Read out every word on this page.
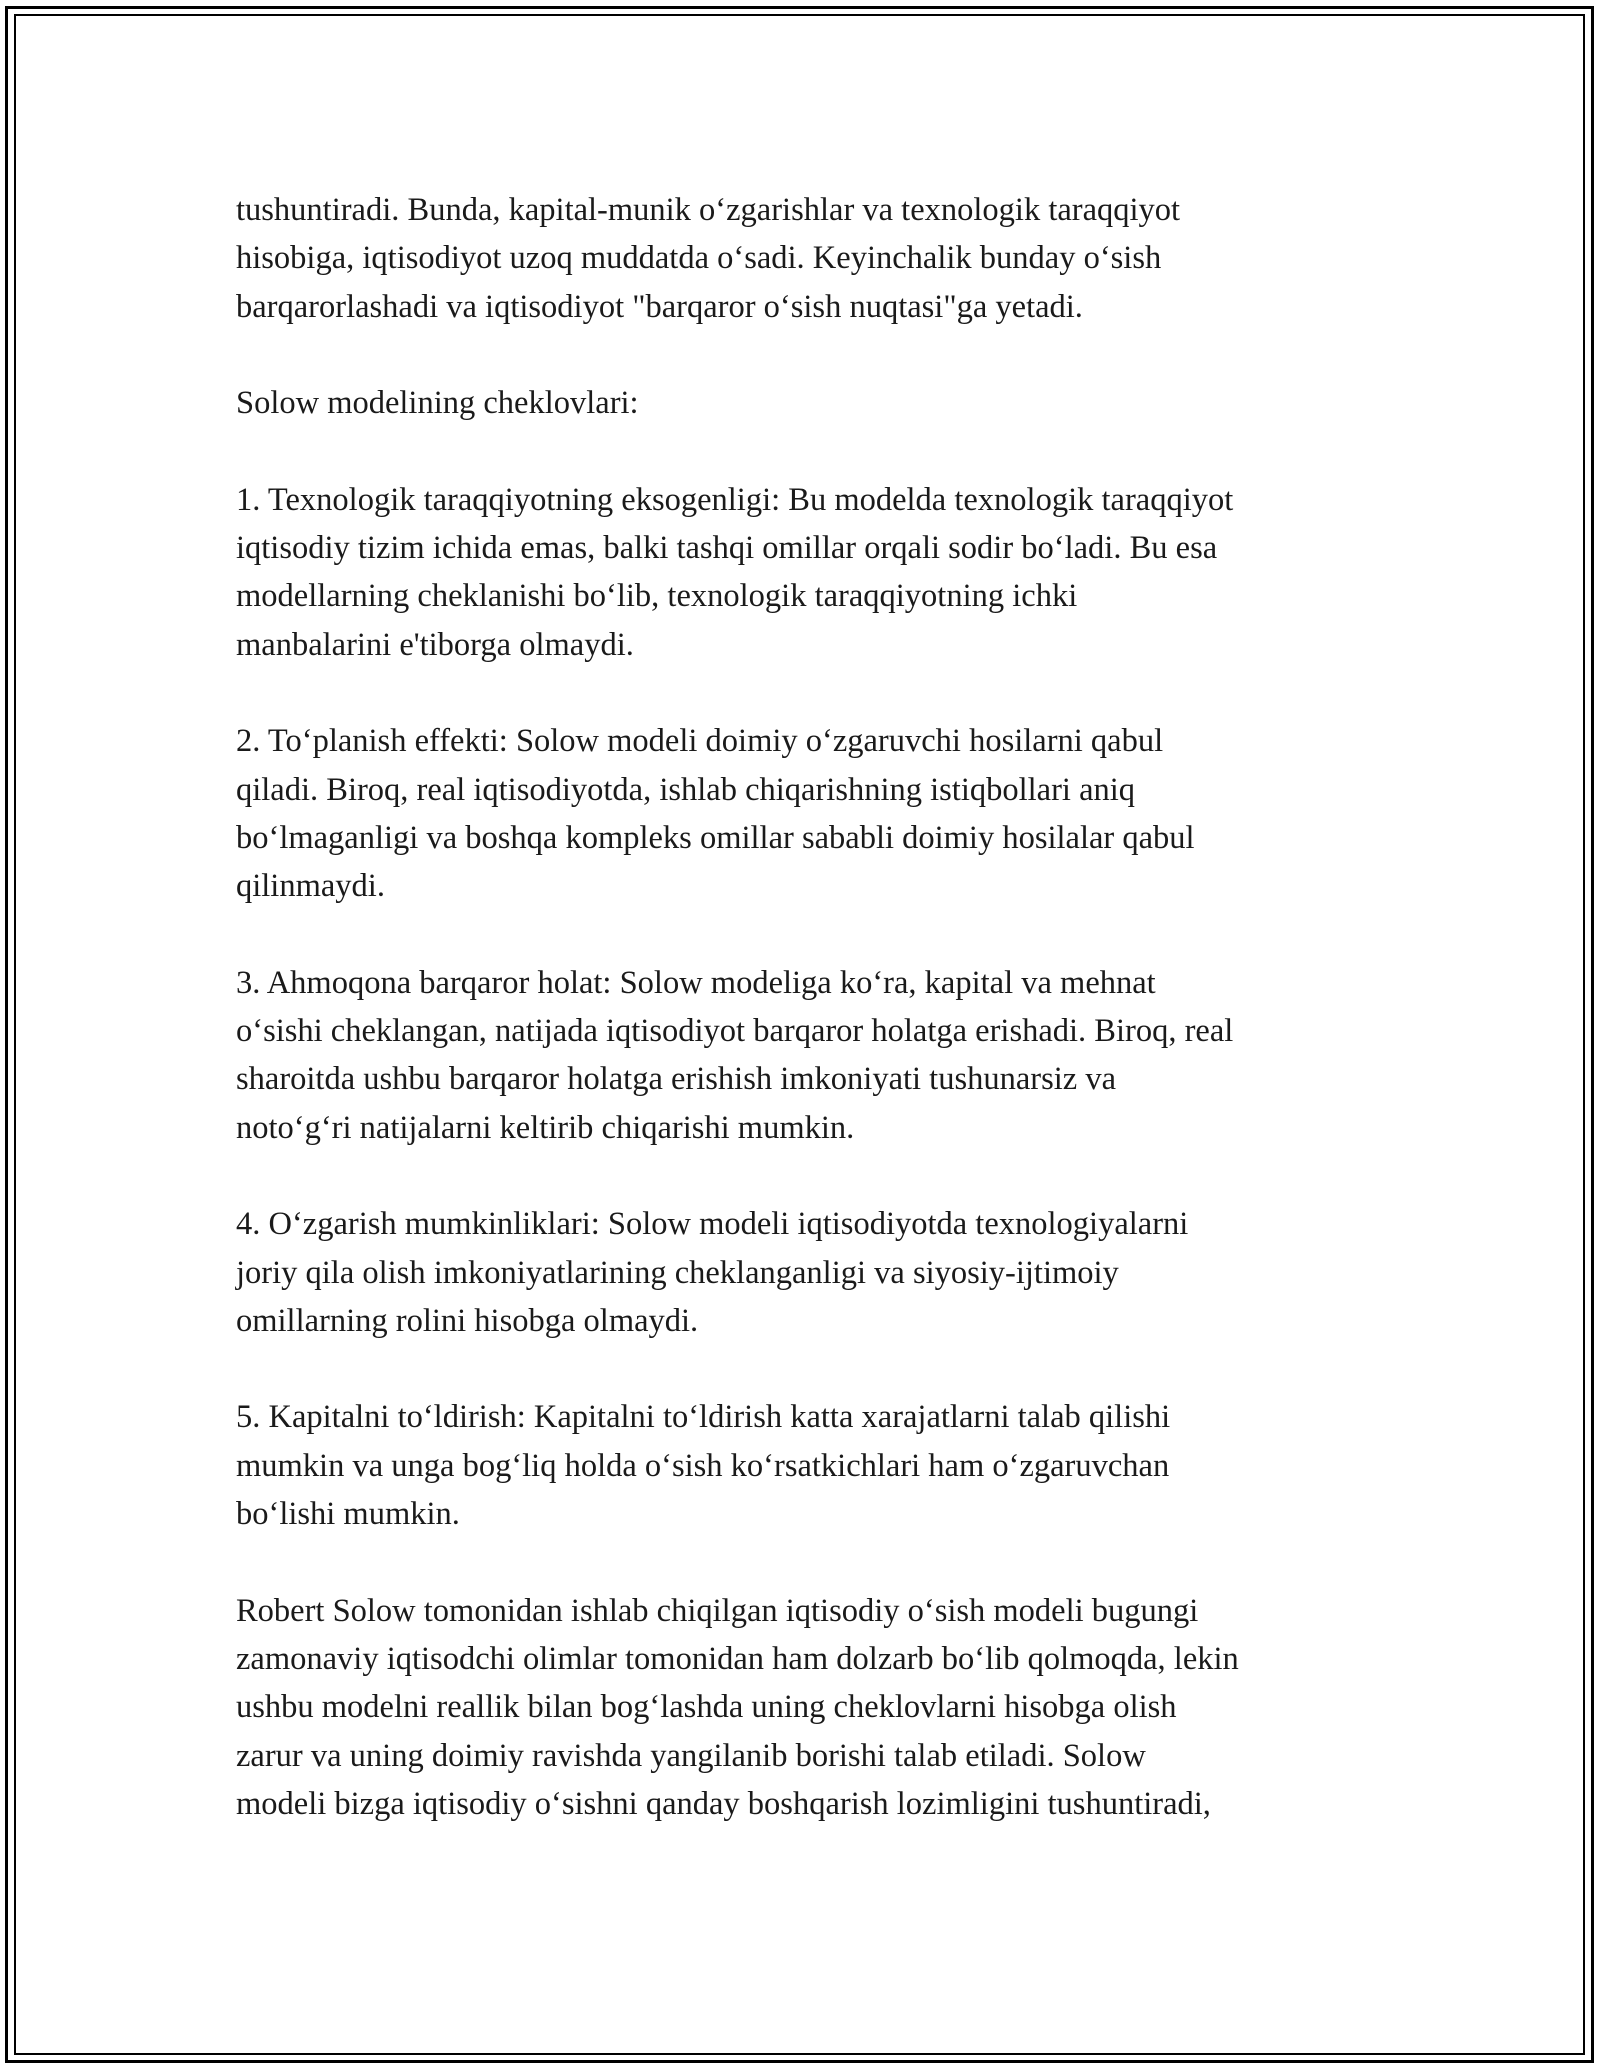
tushuntiradi. Bunda, kapital-munik o‘zgarishlar va texnologik taraqqiyot
hisobiga, iqtisodiyot uzoq muddatda o‘sadi. Keyinchalik bunday o‘sish
barqarorlashadi va iqtisodiyot "barqaror o‘sish nuqtasi"ga yetadi.
Solow modelining cheklovlari:
1. Texnologik taraqqiyotning eksogenligi: Bu modelda texnologik taraqqiyot
iqtisodiy tizim ichida emas, balki tashqi omillar orqali sodir bo‘ladi. Bu esa
modellarning cheklanishi bo‘lib, texnologik taraqqiyotning ichki
manbalarini e'tiborga olmaydi.
2. To‘planish effekti: Solow modeli doimiy o‘zgaruvchi hosilarni qabul
qiladi. Biroq, real iqtisodiyotda, ishlab chiqarishning istiqbollari aniq
bo‘lmaganligi va boshqa kompleks omillar sababli doimiy hosilalar qabul
qilinmaydi.
3. Ahmoqona barqaror holat: Solow modeliga ko‘ra, kapital va mehnat
o‘sishi cheklangan, natijada iqtisodiyot barqaror holatga erishadi. Biroq, real
sharoitda ushbu barqaror holatga erishish imkoniyati tushunarsiz va
noto‘g‘ri natijalarni keltirib chiqarishi mumkin.
4. O‘zgarish mumkinliklari: Solow modeli iqtisodiyotda texnologiyalarni
joriy qila olish imkoniyatlarining cheklanganligi va siyosiy-ijtimoiy
omillarning rolini hisobga olmaydi.
5. Kapitalni to‘ldirish: Kapitalni to‘ldirish katta xarajatlarni talab qilishi
mumkin va unga bog‘liq holda o‘sish ko‘rsatkichlari ham o‘zgaruvchan
bo‘lishi mumkin.
Robert Solow tomonidan ishlab chiqilgan iqtisodiy o‘sish modeli bugungi
zamonaviy iqtisodchi olimlar tomonidan ham dolzarb bo‘lib qolmoqda, lekin
ushbu modelni reallik bilan bog‘lashda uning cheklovlarni hisobga olish
zarur va uning doimiy ravishda yangilanib borishi talab etiladi. Solow
modeli bizga iqtisodiy o‘sishni qanday boshqarish lozimligini tushuntiradi,
